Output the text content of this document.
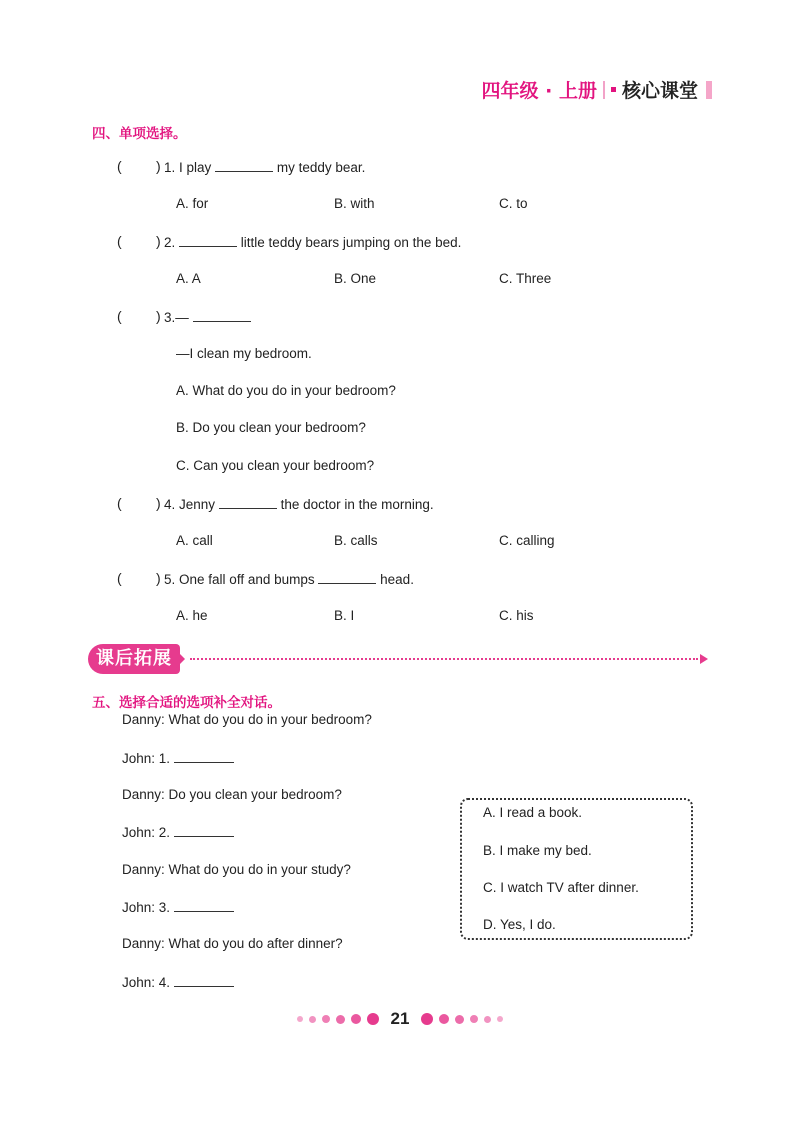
四年级 · 上册 核心课堂
四、单项选择。
( ) 1. I play	my teddy bear.
A. for	B. with	C. to
( ) 2.	little teddy bears jumping on the bed.
A. A	B. One	C. Three
( ) 3.—
—I clean my bedroom.
A. What do you do in your bedroom?
B. Do you clean your bedroom?
C. Can you clean your bedroom?
( ) 4. Jenny	the doctor in the morning.
A. call	B. calls	C. calling
( ) 5. One fall off and bumps	head.
A. he	B. I	C. his
课后拓展
五、选择合适的选项补全对话。
Danny: What do you do in your bedroom?
John: 1.
Danny: Do you clean your bedroom?
John: 2.
Danny: What do you do in your study?
John: 3.
Danny: What do you do after dinner?
John: 4.
A. I read a book.
B. I make my bed.
C. I watch TV after dinner.
D. Yes, I do.
21
